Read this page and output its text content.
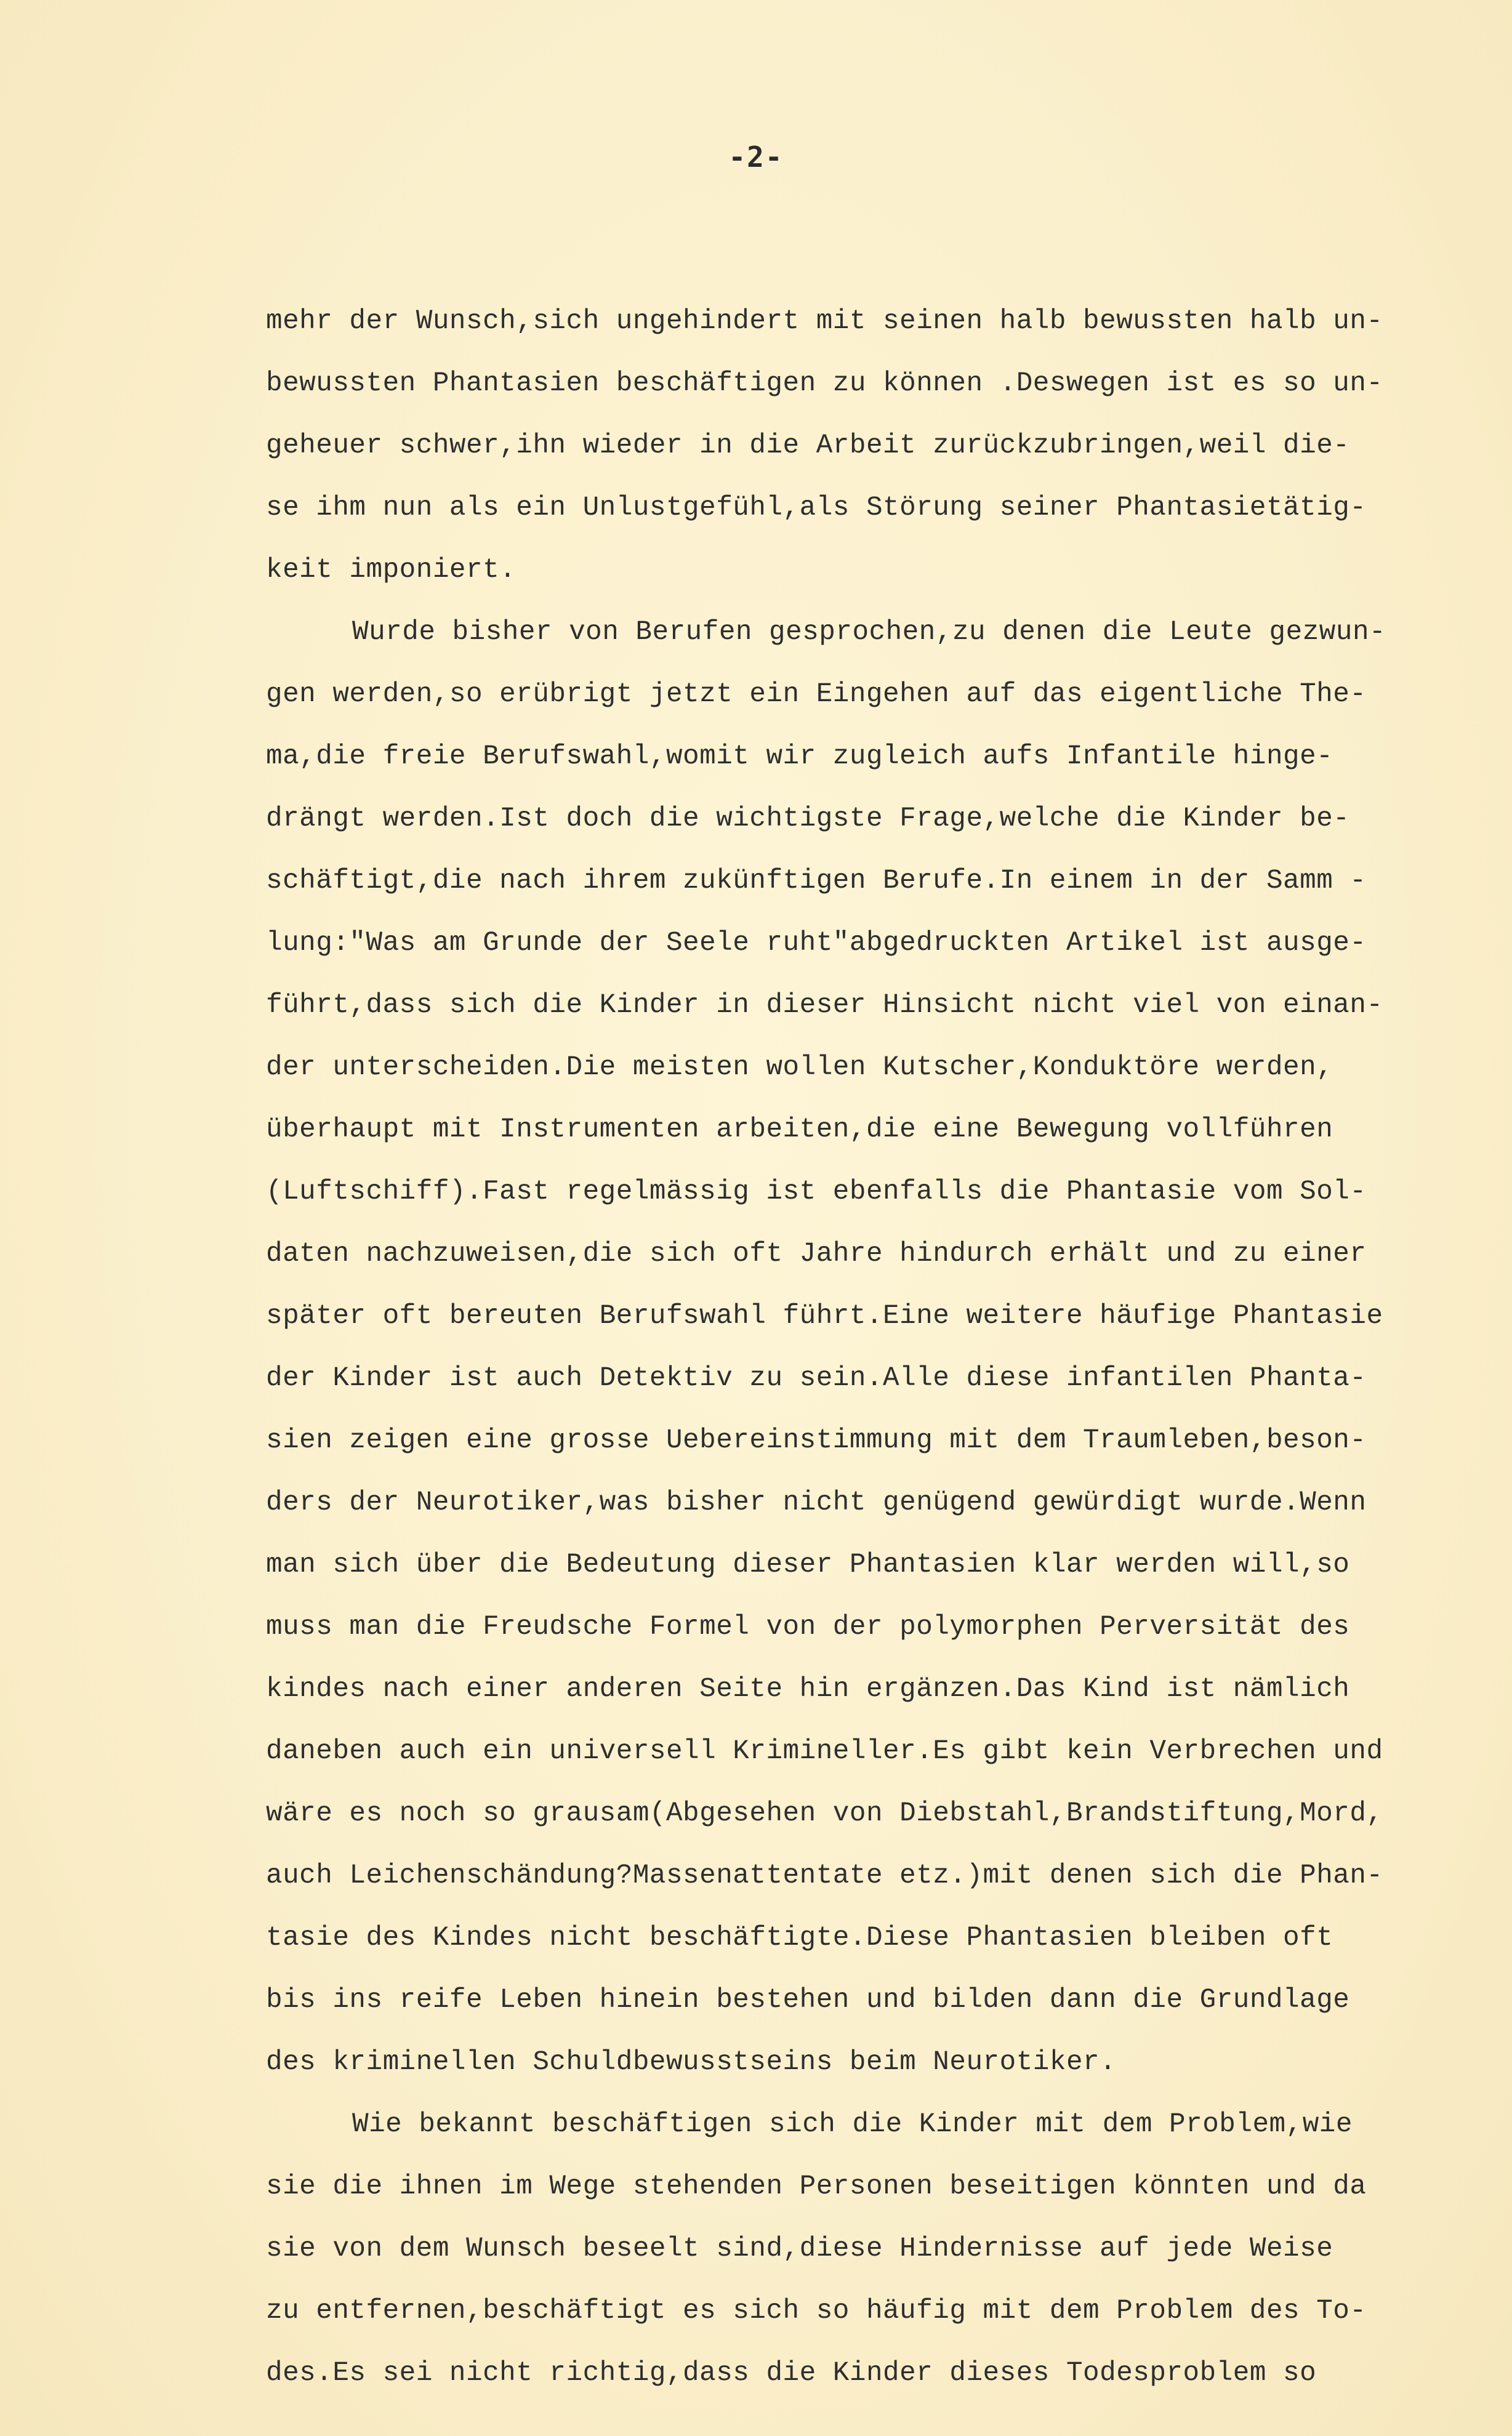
-2-
mehr der Wunsch,sich ungehindert mit seinen halb bewussten halb un-
bewussten Phantasien beschäftigen zu können .Deswegen ist es so un-
geheuer schwer,ihn wieder in die Arbeit zurückzubringen,weil die-
se ihm nun als ein Unlustgefühl,als Störung seiner Phantasietätig-
keit imponiert.
Wurde bisher von Berufen gesprochen,zu denen die Leute gezwun-
gen werden,so erübrigt jetzt ein Eingehen auf das eigentliche The-
ma,die freie Berufswahl,womit wir zugleich aufs Infantile hinge-
drängt werden.Ist doch die wichtigste Frage,welche die Kinder be-
schäftigt,die nach ihrem zukünftigen Berufe.In einem in der Samm -
lung:"Was am Grunde der Seele ruht"abgedruckten Artikel ist ausge-
führt,dass sich die Kinder in dieser Hinsicht nicht viel von einan-
der unterscheiden.Die meisten wollen Kutscher,Konduktöre werden,
überhaupt mit Instrumenten arbeiten,die eine Bewegung vollführen
(Luftschiff).Fast regelmässig ist ebenfalls die Phantasie vom Sol-
daten nachzuweisen,die sich oft Jahre hindurch erhält und zu einer
später oft bereuten Berufswahl führt.Eine weitere häufige Phantasie
der Kinder ist auch Detektiv zu sein.Alle diese infantilen Phanta-
sien zeigen eine grosse Uebereinstimmung mit dem Traumleben,beson-
ders der Neurotiker,was bisher nicht genügend gewürdigt wurde.Wenn
man sich über die Bedeutung dieser Phantasien klar werden will,so
muss man die Freudsche Formel von der polymorphen Perversität des
kindes nach einer anderen Seite hin ergänzen.Das Kind ist nämlich
daneben auch ein universell Krimineller.Es gibt kein Verbrechen und
wäre es noch so grausam(Abgesehen von Diebstahl,Brandstiftung,Mord,
auch Leichenschändung?Massenattentate etz.)mit denen sich die Phan-
tasie des Kindes nicht beschäftigte.Diese Phantasien bleiben oft
bis ins reife Leben hinein bestehen und bilden dann die Grundlage
des kriminellen Schuldbewusstseins beim Neurotiker.
Wie bekannt beschäftigen sich die Kinder mit dem Problem,wie
sie die ihnen im Wege stehenden Personen beseitigen könnten und da
sie von dem Wunsch beseelt sind,diese Hindernisse auf jede Weise
zu entfernen,beschäftigt es sich so häufig mit dem Problem des To-
des.Es sei nicht richtig,dass die Kinder dieses Todesproblem so
